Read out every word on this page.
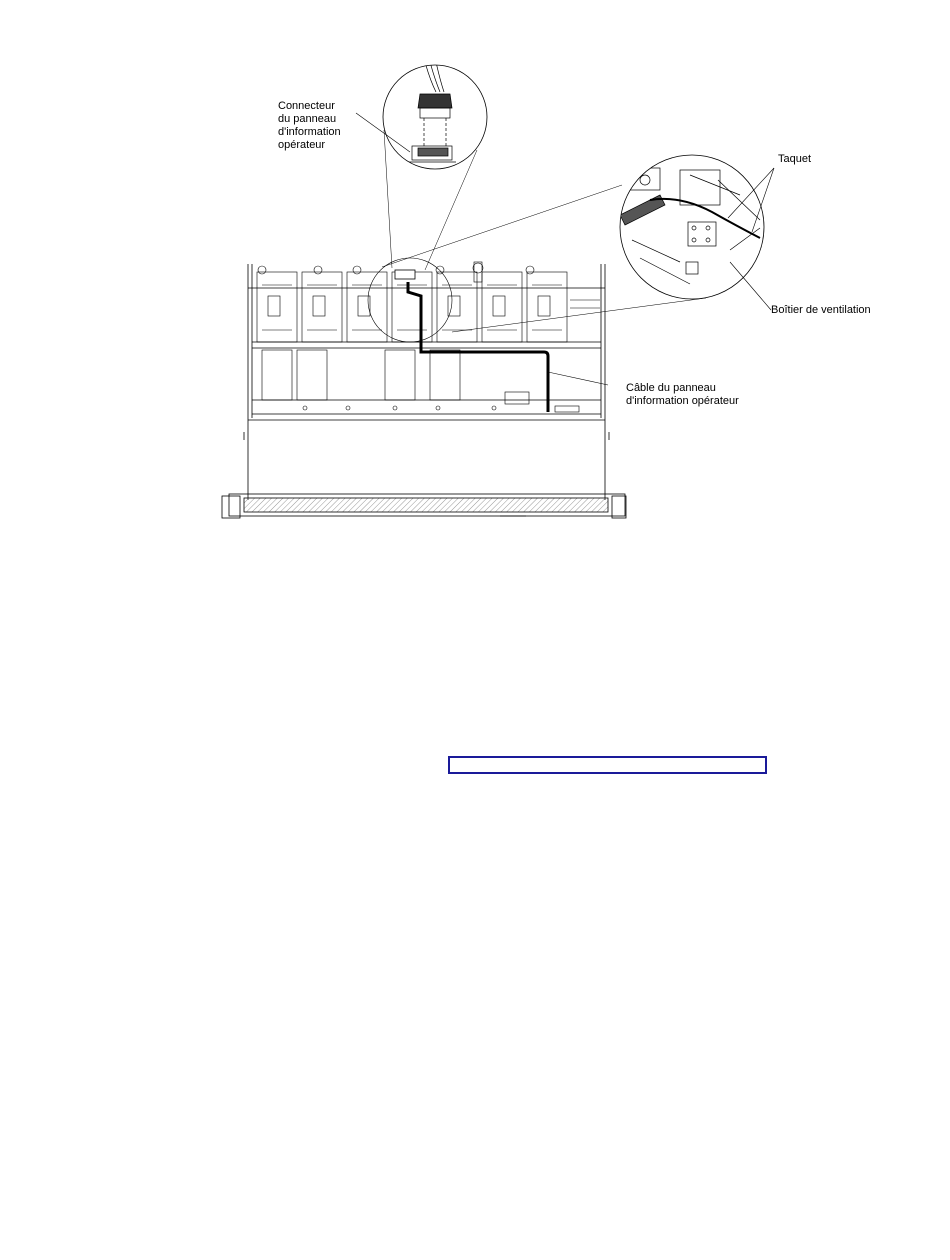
Connecteur
du panneau
d'information
opérateur
Taquet
Boîtier de ventilation
Câble du panneau
d'information opérateur
